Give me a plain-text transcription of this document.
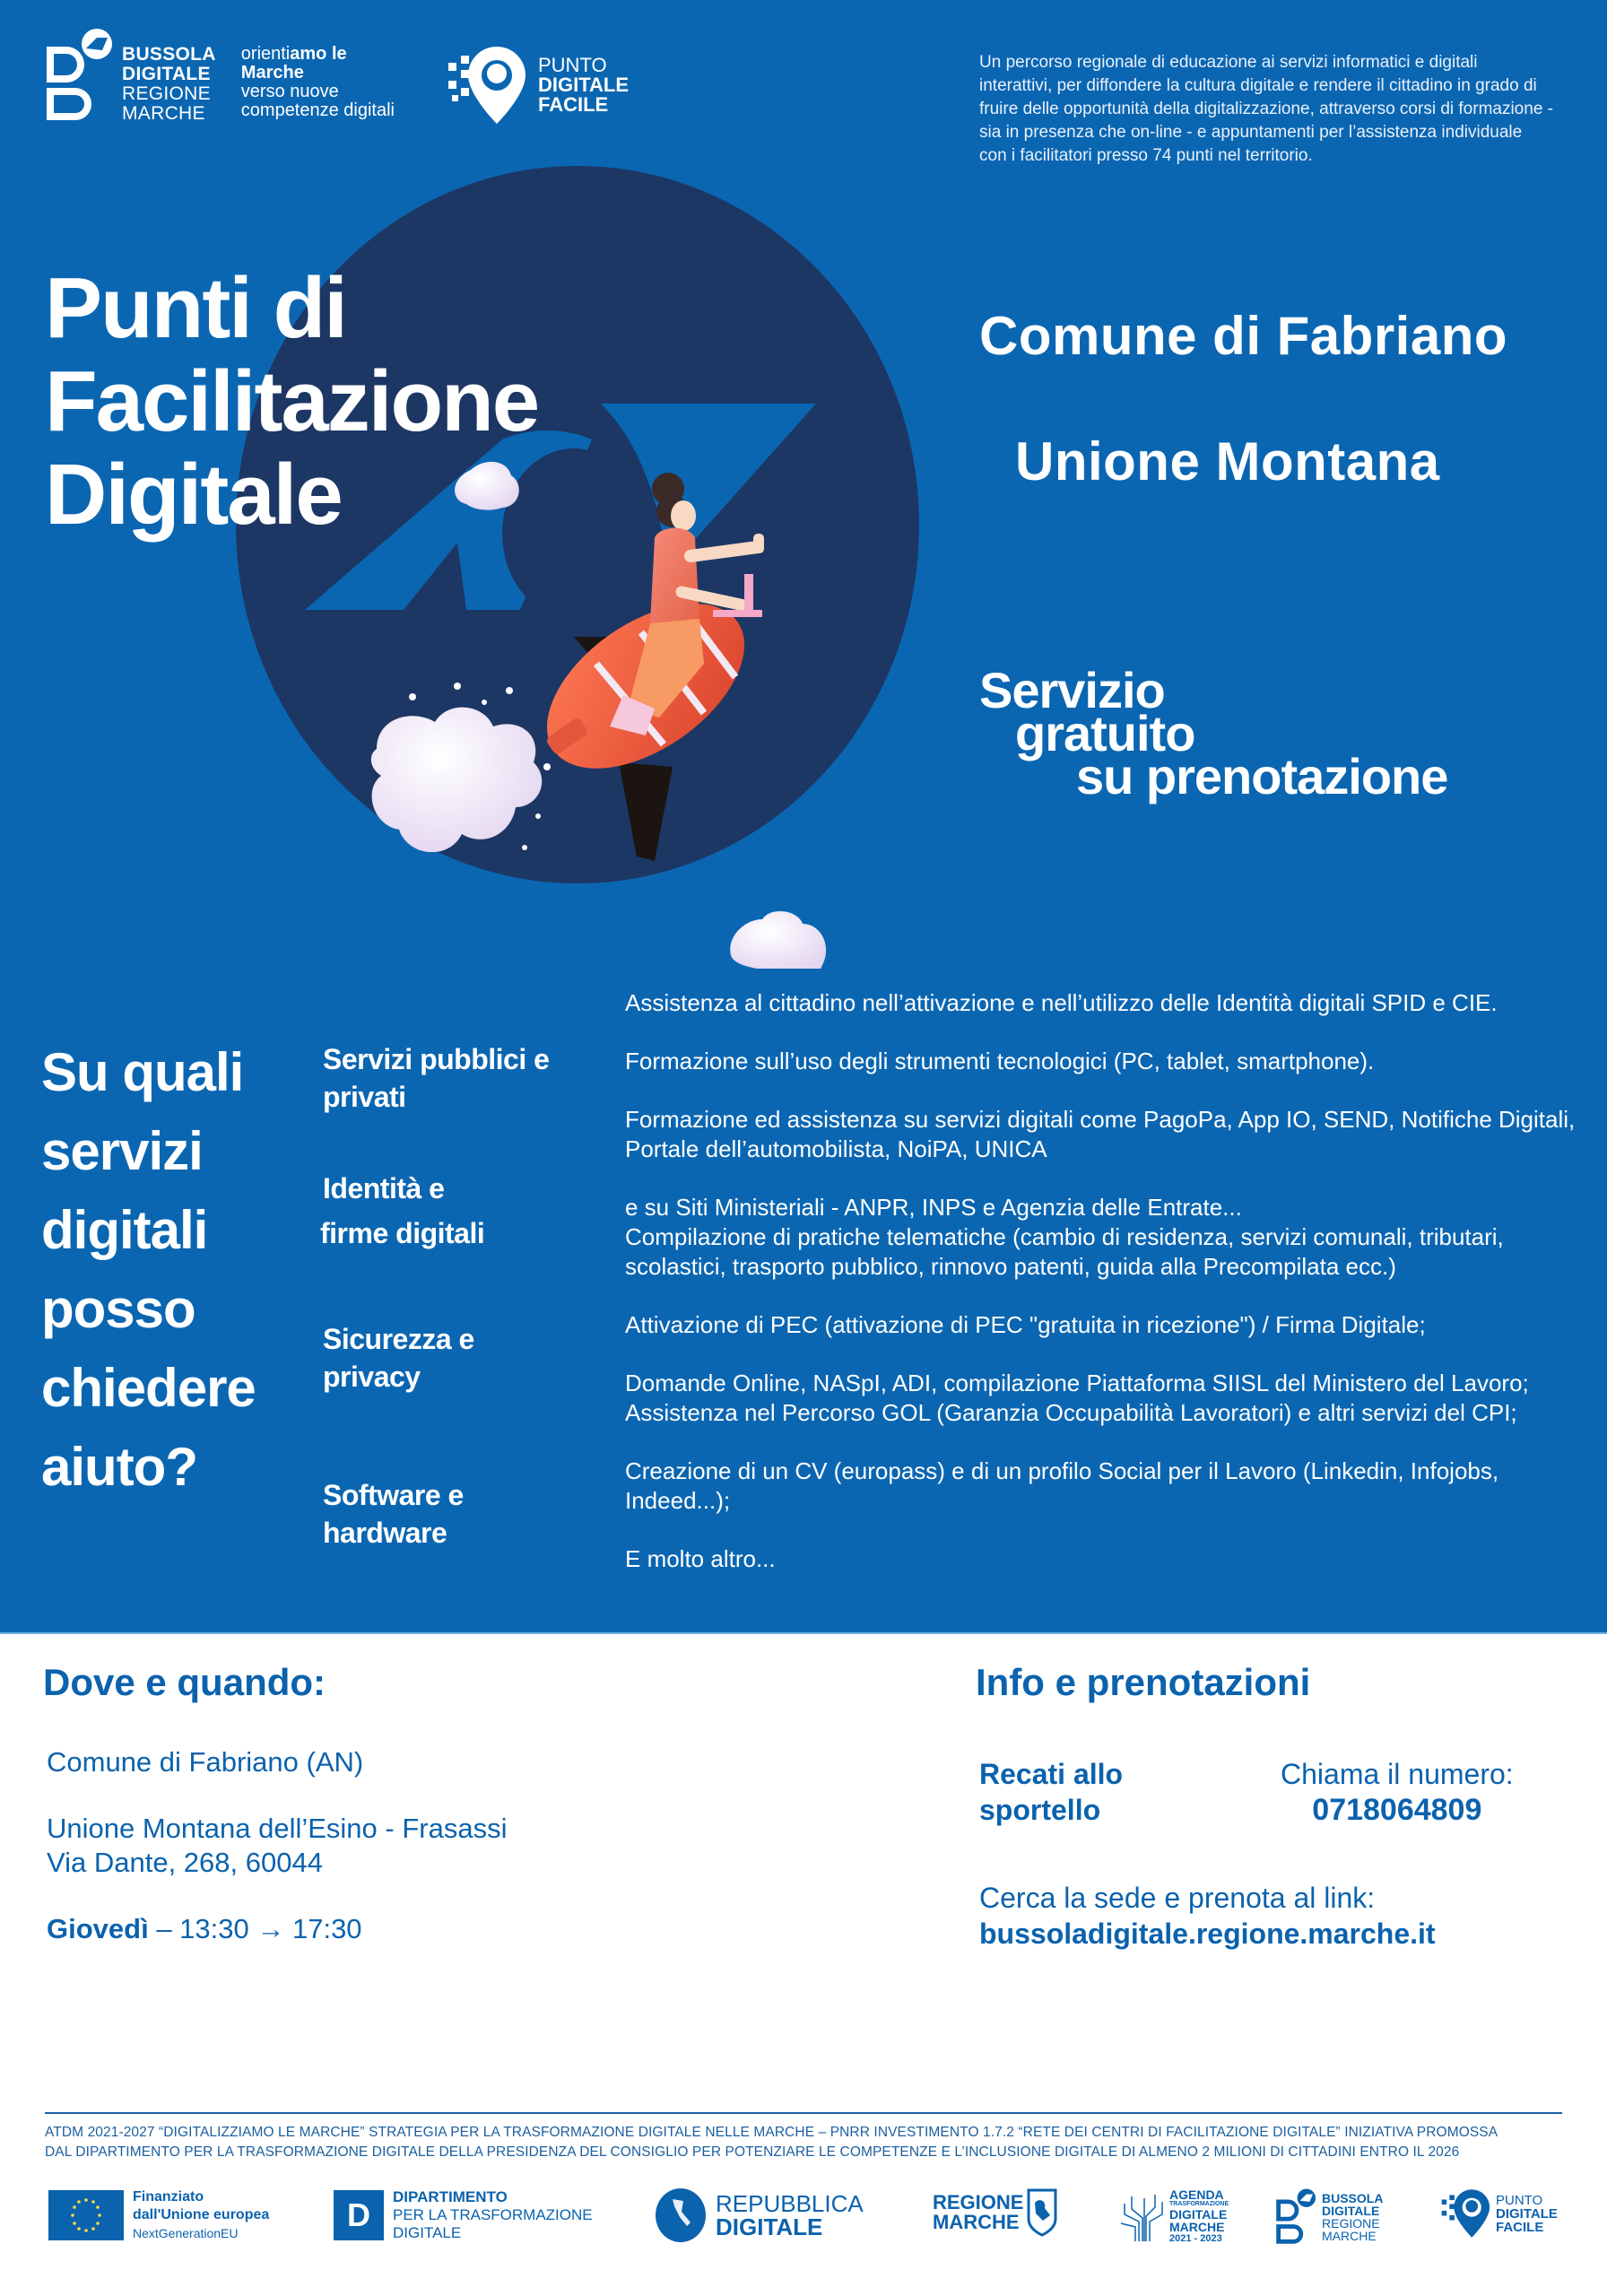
BUSSOLA
DIGITALE
REGIONE
MARCHE
orientiamo le
Marche
verso nuove
competenze digitali
PUNTO
DIGITALE
FACILE

Un percorso regionale di educazione ai servizi informatici e digitali interattivi, per diffondere la cultura digitale e rendere il cittadino in grado di fruire delle opportunità della digitalizzazione, attraverso corsi di formazione - sia in presenza che on-line - e appuntamenti per l’assistenza individuale con i facilitatori presso 74 punti nel territorio.

Punti di
Facilitazione
Digitale
Comune di Fabriano
Unione Montana
Servizio
gratuito
su prenotazione
Su quali
servizi
digitali
posso
chiedere
aiuto?
Servizi pubblici e
privati
Identità e
firme digitali
Sicurezza e
privacy
Software e
hardware

Assistenza al cittadino nell’attivazione e nell’utilizzo delle Identità digitali SPID e CIE.

Formazione sull’uso degli strumenti tecnologici (PC, tablet, smartphone).

Formazione ed assistenza su servizi digitali come PagoPa, App IO, SEND, Notifiche Digitali, Portale dell’automobilista, NoiPA, UNICA

e su Siti Ministeriali - ANPR, INPS e Agenzia delle Entrate...

Compilazione di pratiche telematiche (cambio di residenza, servizi comunali, tributari, scolastici, trasporto pubblico, rinnovo patenti, guida alla Precompilata ecc.)

Attivazione di PEC (attivazione di PEC "gratuita in ricezione") / Firma Digitale;

Domande Online, NASpI, ADI, compilazione Piattaforma SIISL del Ministero del Lavoro;

Assistenza nel Percorso GOL (Garanzia Occupabilità Lavoratori) e altri servizi del CPI;

Creazione di un CV (europass) e di un profilo Social per il Lavoro (Linkedin, Infojobs, Indeed...);

E molto altro...

Dove e quando:
Comune di Fabriano (AN)
Unione Montana dell’Esino - Frasassi
Via Dante, 268, 60044
Giovedì – 13:30 → 17:30
Info e prenotazioni
Recati allo
sportello
Chiama il numero:
0718064809
Cerca la sede e prenota al link:
bussoladigitale.regione.marche.it
ATDM 2021-2027 “DIGITALIZZIAMO LE MARCHE” STRATEGIA PER LA TRASFORMAZIONE DIGITALE NELLE MARCHE – PNRR INVESTIMENTO 1.7.2 “RETE DEI CENTRI DI FACILITAZIONE DIGITALE” INIZIATIVA PROMOSSA
DAL DIPARTIMENTO PER LA TRASFORMAZIONE DIGITALE DELLA PRESIDENZA DEL CONSIGLIO PER POTENZIARE LE COMPETENZE E L’INCLUSIONE DIGITALE DI ALMENO 2 MILIONI DI CITTADINI ENTRO IL 2026
Finanziato
dall'Unione europea
NextGenerationEU	D	DIPARTIMENTO
PER LA TRASFORMAZIONE
DIGITALE
REPUBBLICA
DIGITALE
REGIONE
MARCHE
AGENDA
TRASFORMAZIONE
DIGITALE
MARCHE
2021 - 2023
BUSSOLA
DIGITALE
REGIONE
MARCHE
PUNTO
DIGITALE
FACILE
